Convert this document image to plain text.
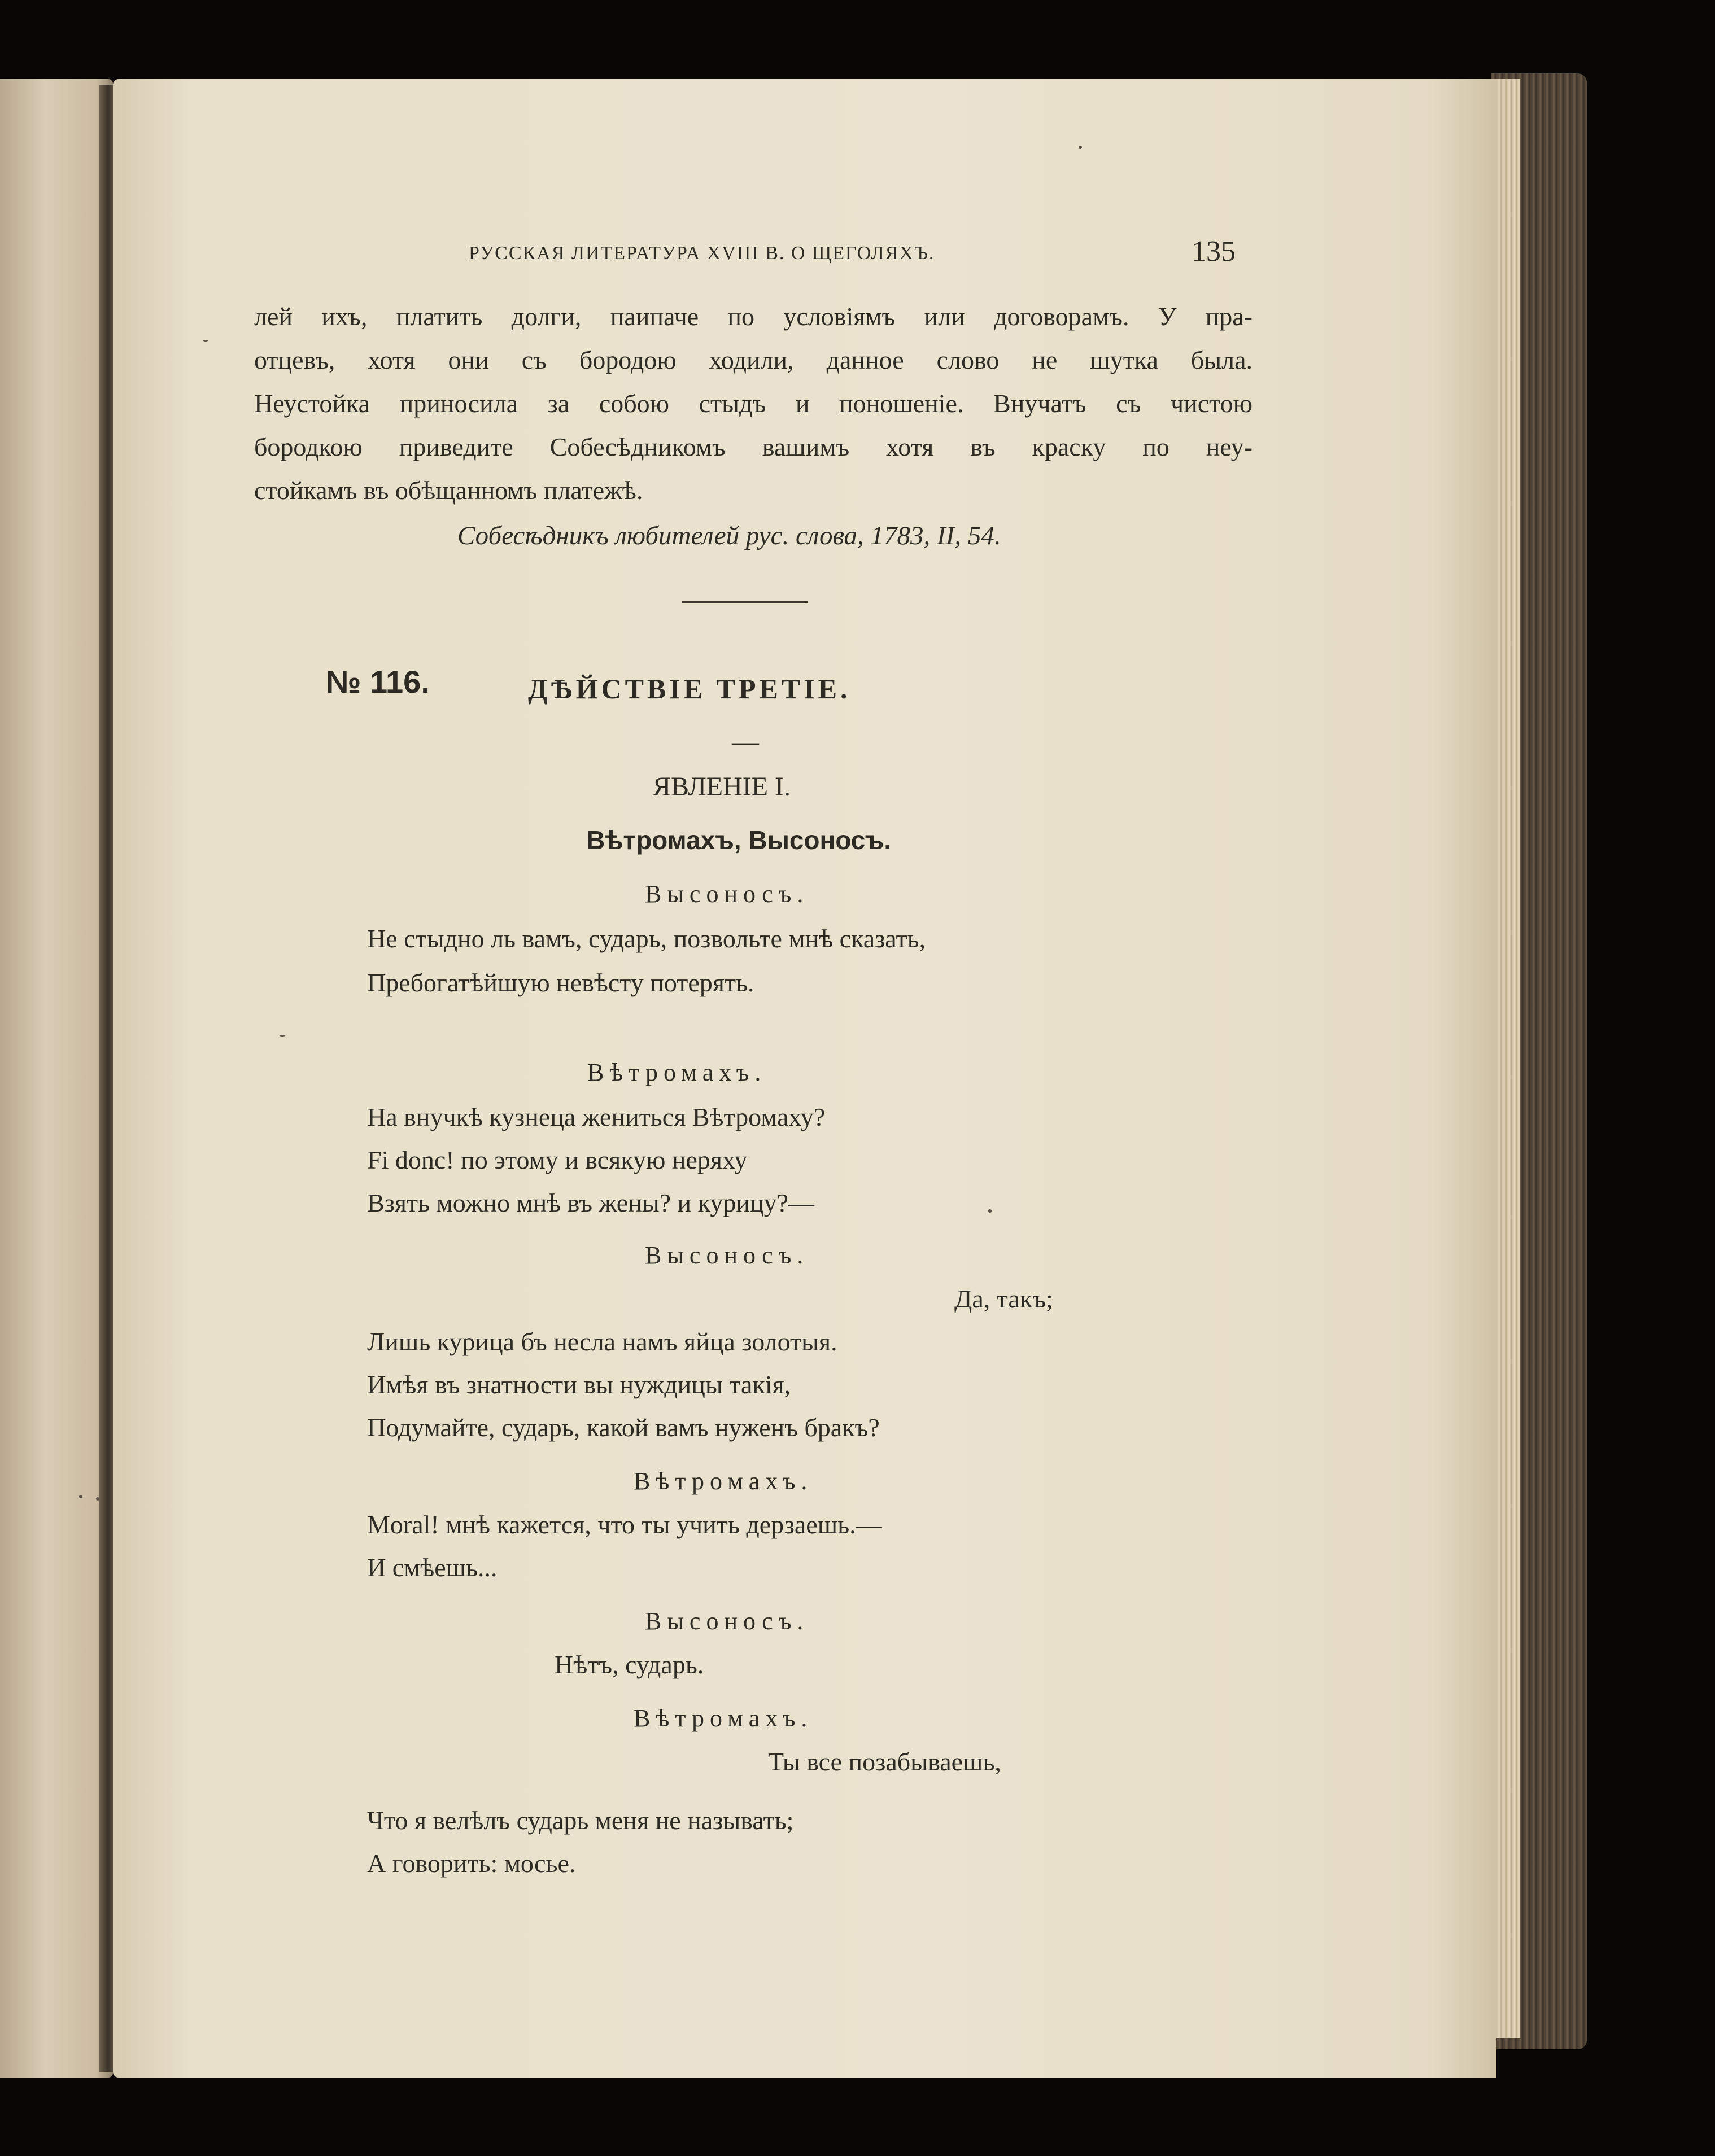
РУССКАЯ ЛИТЕРАТУРА XVIII В. О ЩЕГОЛЯХЪ.	135
лей ихъ, платить долги, паипаче по условіямъ или договорамъ. У пра-
отцевъ, хотя они съ бородою ходили, данное слово не шутка была.
Неустойка приносила за собою стыдъ и поношеніе. Внучатъ съ чистою
бородкою приведите Собесѣдникомъ вашимъ хотя въ краску по неу-
стойкамъ въ обѣщанномъ платежѣ.
Собесѣдникъ любителей рус. слова, 1783, II, 54.
№ 116.	ДѢЙСТВІЕ ТРЕТІЕ.
—
ЯВЛЕНІЕ I.
Вѣтромахъ, Высоносъ.
Высоносъ.
Не стыдно ль вамъ, сударь, позвольте мнѣ сказать,
Пребогатѣйшую невѣсту потерять.
Вѣтромахъ.
На внучкѣ кузнеца жениться Вѣтромаху?
Fi donc! по этому и всякую неряху
Взять можно мнѣ въ жены? и курицу?—
Высоносъ.
Да, такъ;
Лишь курица бъ несла намъ яйца золотыя.
Имѣя въ знатности вы нуждицы такія,
Подумайте, сударь, какой вамъ нуженъ бракъ?
Вѣтромахъ.
Moral! мнѣ кажется, что ты учить дерзаешь.—
И смѣешь...
Высоносъ.
Нѣтъ, сударь.
Вѣтромахъ.
Ты все позабываешь,
Что я велѣлъ сударь меня не называть;
А говорить: мосье.
